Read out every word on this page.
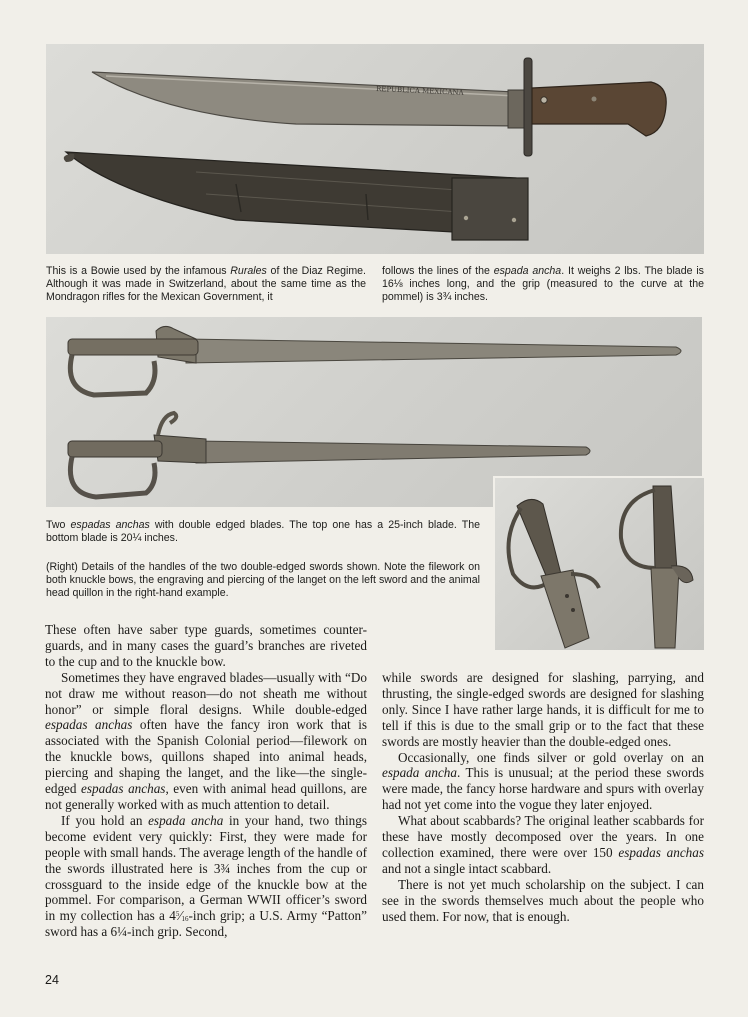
REPUBLICA MEXICANA

This is a Bowie used by the infamous Rurales of the Diaz Regime. Although it was made in Switzerland, about the same time as the Mondragon rifles for the Mexican Government, it

follows the lines of the espada ancha. It weighs 2 lbs. The blade is 16⅛ inches long, and the grip (measured to the curve at the pommel) is 3¾ inches.

Two espadas anchas with double edged blades. The top one has a 25-inch blade. The bottom blade is 20¼ inches.

(Right) Details of the handles of the two double-edged swords shown. Note the filework on both knuckle bows, the engraving and piercing of the langet on the left sword and the animal head quillon in the right-hand example.

These often have saber type guards, sometimes counter-guards, and in many cases the guard’s branches are riveted to the cup and to the knuckle bow.

Sometimes they have engraved blades—usually with “Do not draw me without reason—do not sheath me without honor” or simple floral designs. While double-edged espadas anchas often have the fancy iron work that is associated with the Spanish Colonial period—filework on the knuckle bows, quillons shaped into animal heads, piercing and shaping the langet, and the like—the single-edged espadas anchas, even with animal head quillons, are not generally worked with as much attention to detail.

If you hold an espada ancha in your hand, two things become evident very quickly: First, they were made for people with small hands. The average length of the handle of the swords illustrated here is 3¾ inches from the cup or crossguard to the inside edge of the knuckle bow at the pommel. For comparison, a German WWII officer’s sword in my collection has a $4^5⁄_{16}$-inch grip; a U.S. Army “Patton” sword has a 6¼-inch grip. Second,

while swords are designed for slashing, parrying, and thrusting, the single-edged swords are designed for slashing only. Since I have rather large hands, it is difficult for me to tell if this is due to the small grip or to the fact that these swords are mostly heavier than the double-edged ones.

Occasionally, one finds silver or gold overlay on an espada ancha. This is unusual; at the period these swords were made, the fancy horse hardware and spurs with overlay had not yet come into the vogue they later enjoyed.

What about scabbards? The original leather scabbards for these have mostly decomposed over the years. In one collection examined, there were over 150 espadas anchas and not a single intact scabbard.

There is not yet much scholarship on the subject. I can see in the swords themselves much about the people who used them. For now, that is enough.

24
